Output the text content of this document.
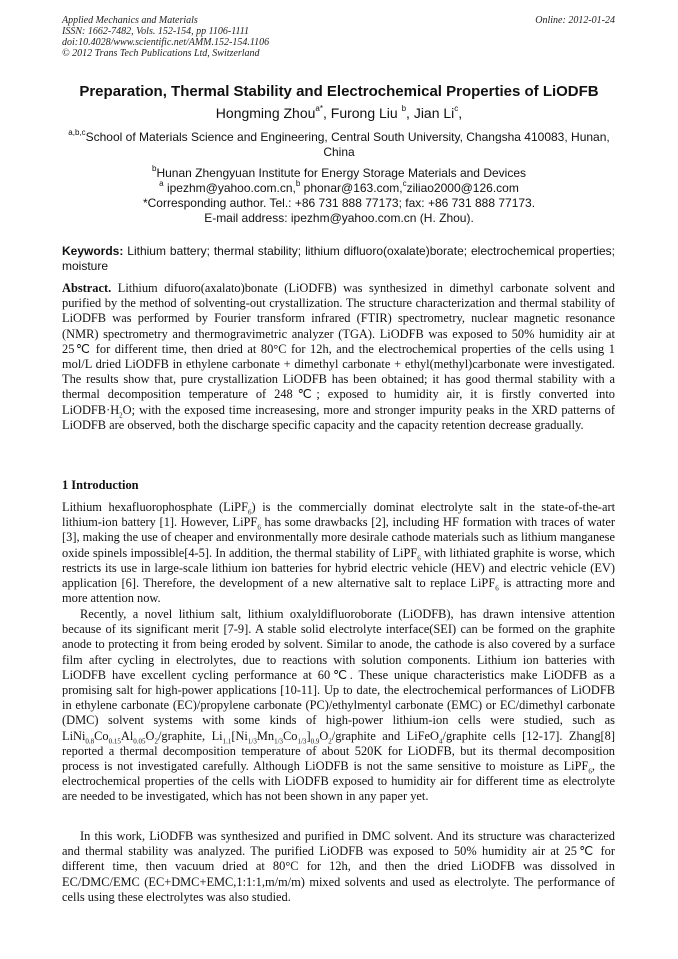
Applied Mechanics and Materials
ISSN: 1662-7482, Vols. 152-154, pp 1106-1111
doi:10.4028/www.scientific.net/AMM.152-154.1106
© 2012 Trans Tech Publications Ltd, Switzerland
Online: 2012-01-24
Preparation, Thermal Stability and Electrochemical Properties of LiODFB
Hongming Zhou$^{a*}$, Furong Liu $^b$, Jian Li$^c$,
$^{a,b,c}$School of Materials Science and Engineering, Central South University, Changsha 410083, Hunan, China
$^b$Hunan Zhengyuan Institute for Energy Storage Materials and Devices
$^a$ ipezhm@yahoo.com.cn,$^b$ phonar@163.com,$^c$ziliao2000@126.com
*Corresponding author. Tel.: +86 731 888 77173; fax: +86 731 888 77173.
E-mail address: ipezhm@yahoo.com.cn (H. Zhou).
Keywords: Lithium battery; thermal stability; lithium difluoro(oxalate)borate; electrochemical properties; moisture

Abstract. Lithium difuoro(axalato)bonate (LiODFB) was synthesized in dimethyl carbonate solvent and purified by the method of solventing-out crystallization. The structure characterization and thermal stability of LiODFB was performed by Fourier transform infrared (FTIR) spectrometry, nuclear magnetic resonance (NMR) spectrometry and thermogravimetric analyzer (TGA). LiODFB was exposed to 50% humidity air at 25℃ for different time, then dried at 80°C for 12h, and the electrochemical properties of the cells using 1 mol/L dried LiODFB in ethylene carbonate + dimethyl carbonate + ethyl(methyl)carbonate were investigated. The results show that, pure crystallization LiODFB has been obtained; it has good thermal stability with a thermal decomposition temperature of 248℃; exposed to humidity air, it is firstly converted into $LiODFB\cdot H_2O$; with the exposed time increasesing, more and stronger impurity peaks in the XRD patterns of LiODFB are observed, both the discharge specific capacity and the capacity retention decrease gradually.

1 Introduction

Lithium hexafluorophosphate (LiPF$_6$) is the commercially dominat electrolyte salt in the state-of-the-art lithium-ion battery [1]. However, LiPF$_6$ has some drawbacks [2], including HF formation with traces of water [3], making the use of cheaper and environmentally more desirale cathode materials such as lithium manganese oxide spinels impossible[4-5]. In addition, the thermal stability of LiPF$_6$ with lithiated graphite is worse, which restricts its use in large-scale lithium ion batteries for hybrid electric vehicle (HEV) and electric vehicle (EV) application [6]. Therefore, the development of a new alternative salt to replace LiPF$_6$ is attracting more and more attention now.

Recently, a novel lithium salt, lithium oxalyldifluoroborate (LiODFB), has drawn intensive attention because of its significant merit [7-9]. A stable solid electrolyte interface(SEI) can be formed on the graphite anode to protecting it from being eroded by solvent. Similar to anode, the cathode is also covered by a surface film after cycling in electrolytes, due to reactions with solution components. Lithium ion batteries with LiODFB have excellent cycling performance at 60℃. These unique characteristics make LiODFB as a promising salt for high-power applications [10-11]. Up to date, the electrochemical performances of LiODFB in ethylene carbonate (EC)/propylene carbonate (PC)/ethylmentyl carbonate (EMC) or EC/dimethyl carbonate (DMC) solvent systems with some kinds of high-power lithium-ion cells were studied, such as $LiNi_{0.8}Co_{0.15}Al_{0.05}O_2$/graphite, $Li_{1.1}[Ni_{1/3}Mn_{1/3}Co_{1/3}]_{0.9}O_2$/graphite and LiFeO$_4$/graphite cells [12-17]. Zhang[8] reported a thermal decomposition temperature of about 520K for LiODFB, but its thermal decomposition process is not investigated carefully. Although LiODFB is not the same sensitive to moisture as LiPF$_6$, the electrochemical properties of the cells with LiODFB exposed to humidity air for different time as electrolyte are needed to be investigated, which has not been shown in any paper yet.

In this work, LiODFB was synthesized and purified in DMC solvent. And its structure was characterized and thermal stability was analyzed. The purified LiODFB was exposed to 50% humidity air at 25℃ for different time, then vacuum dried at 80°C for 12h, and then the dried LiODFB was dissolved in EC/DMC/EMC (EC+DMC+EMC,1:1:1,m/m/m) mixed solvents and used as electrolyte. The performance of cells using these electrolytes was also studied.
